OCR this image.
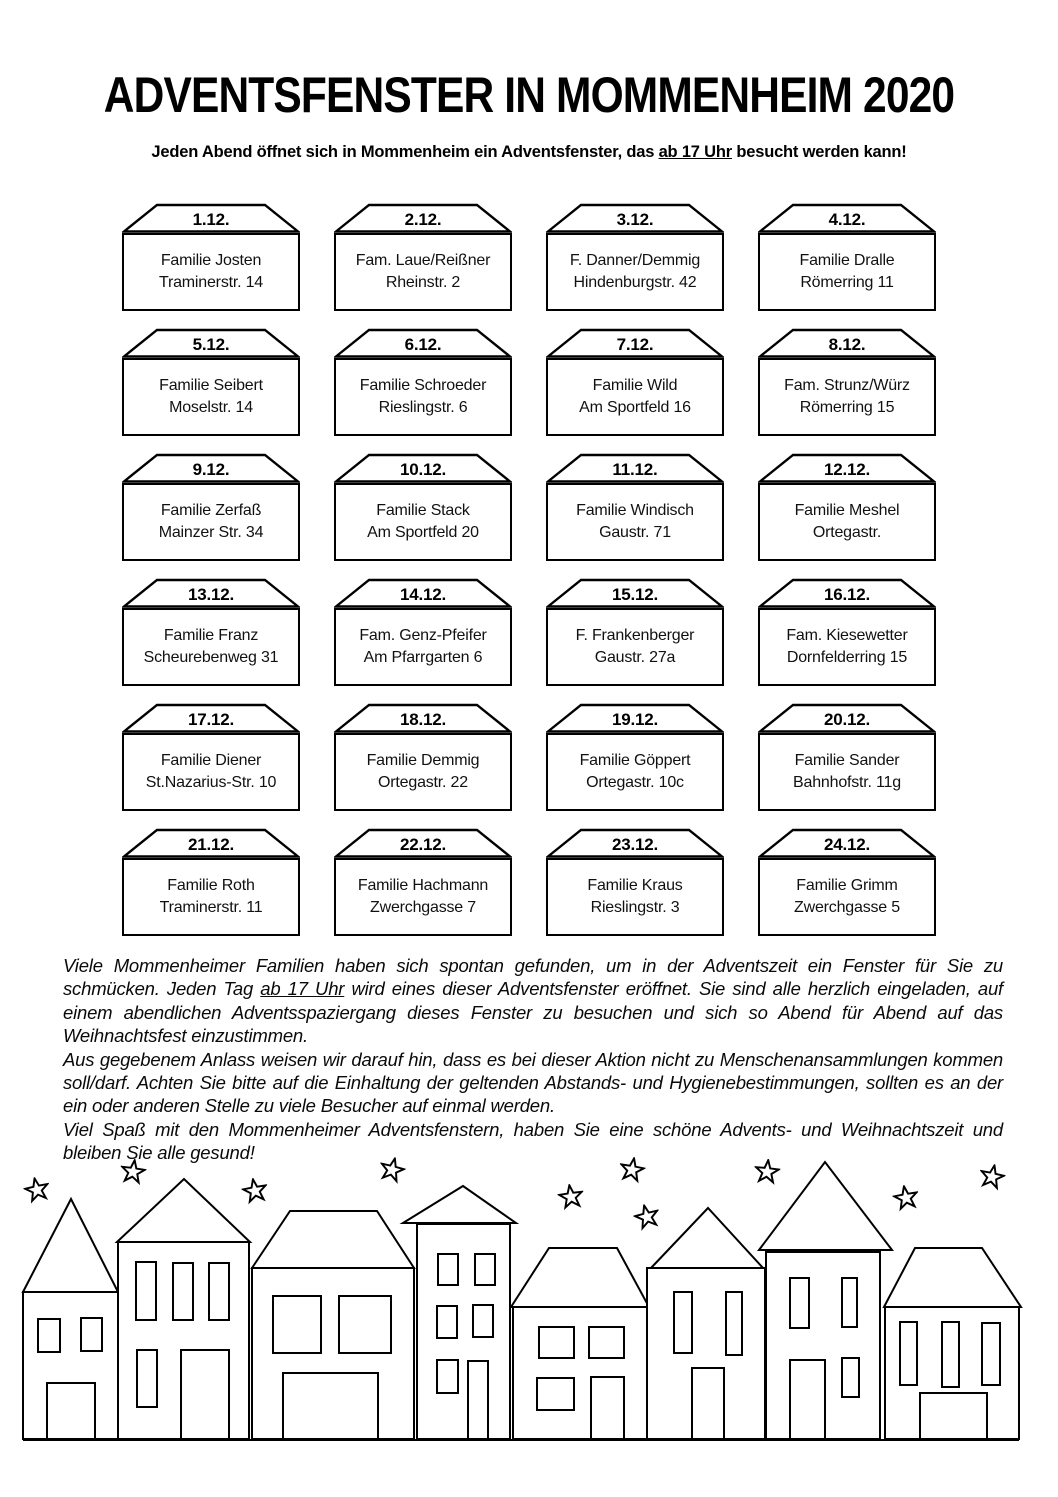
ADVENTSFENSTER IN MOMMENHEIM 2020
Jeden Abend öffnet sich in Mommenheim ein Adventsfenster, das ab 17 Uhr besucht werden kann!
1.12.
Familie Josten
Traminerstr. 14
2.12.
Fam. Laue/Reißner
Rheinstr. 2
3.12.
F. Danner/Demmig
Hindenburgstr. 42
4.12.
Familie Dralle
Römerring 11
5.12.
Familie Seibert
Moselstr. 14
6.12.
Familie Schroeder
Rieslingstr. 6
7.12.
Familie Wild
Am Sportfeld 16
8.12.
Fam. Strunz/Würz
Römerring 15
9.12.
Familie Zerfaß
Mainzer Str. 34
10.12.
Familie Stack
Am Sportfeld 20
11.12.
Familie Windisch
Gaustr. 71
12.12.
Familie Meshel
Ortegastr.
13.12.
Familie Franz
Scheurebenweg 31
14.12.
Fam. Genz-Pfeifer
Am Pfarrgarten 6
15.12.
F. Frankenberger
Gaustr. 27a
16.12.
Fam. Kiesewetter
Dornfelderring 15
17.12.
Familie Diener
St.Nazarius-Str. 10
18.12.
Familie Demmig
Ortegastr. 22
19.12.
Familie Göppert
Ortegastr. 10c
20.12.
Familie Sander
Bahnhofstr. 11g
21.12.
Familie Roth
Traminerstr. 11
22.12.
Familie Hachmann
Zwerchgasse 7
23.12.
Familie Kraus
Rieslingstr. 3
24.12.
Familie Grimm
Zwerchgasse 5

Viele Mommenheimer Familien haben sich spontan gefunden, um in der Adventszeit ein Fenster für Sie zu schmücken. Jeden Tag ab 17 Uhr wird eines dieser Adventsfenster eröffnet. Sie sind alle herzlich eingeladen, auf einem abendlichen Adventsspaziergang dieses Fenster zu besuchen und sich so Abend für Abend auf das Weihnachtsfest einzustimmen.

Aus gegebenem Anlass weisen wir darauf hin, dass es bei dieser Aktion nicht zu Menschenansammlungen kommen soll/darf. Achten Sie bitte auf die Einhaltung der geltenden Abstands- und Hygienebestimmungen, sollten es an der ein oder anderen Stelle zu viele Besucher auf einmal werden.

Viel Spaß mit den Mommenheimer Adventsfenstern, haben Sie eine schöne Advents- und Weihnachtszeit und bleiben Sie alle gesund!
